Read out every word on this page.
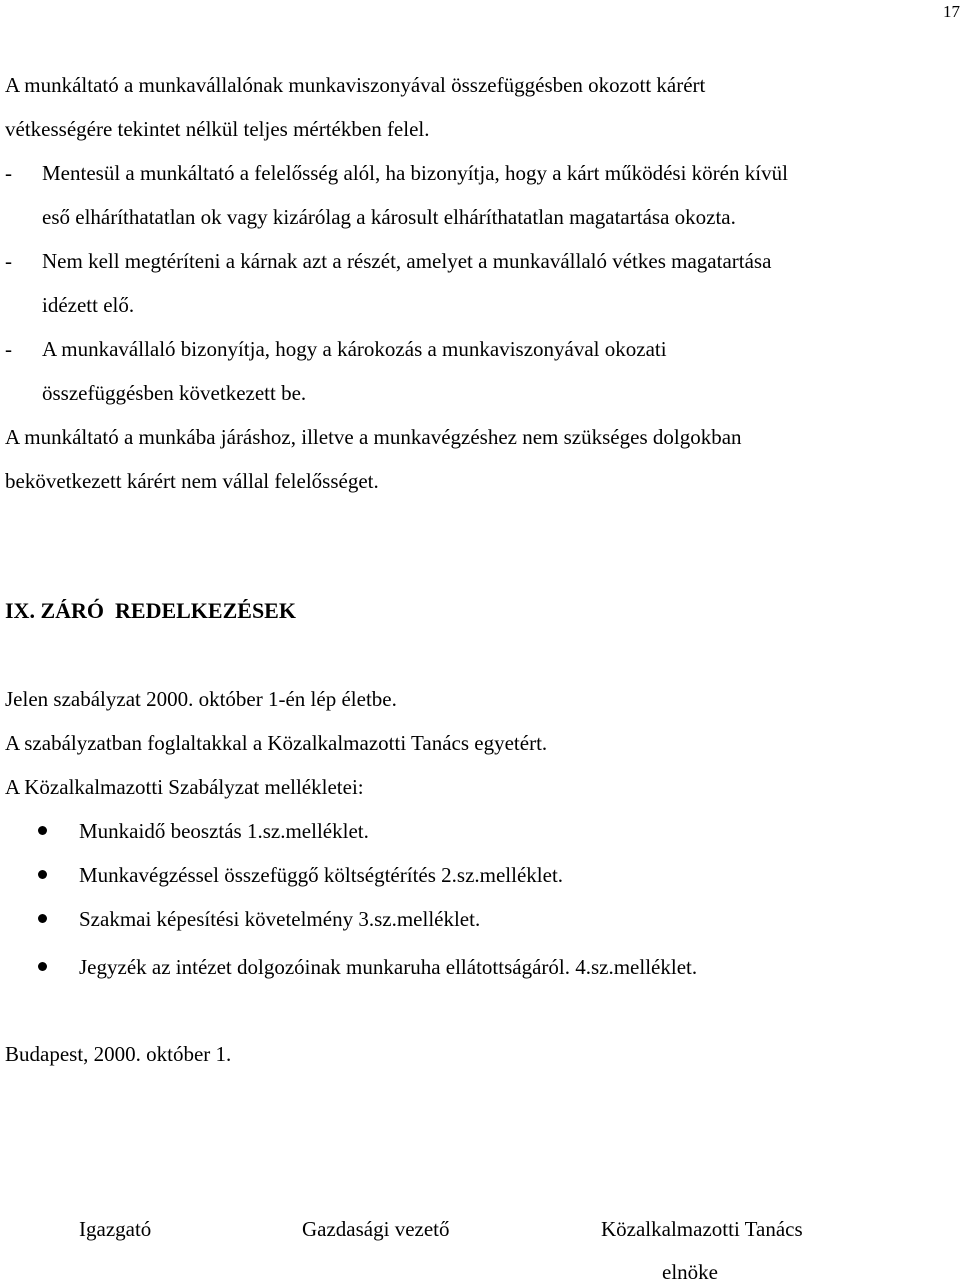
17
A munkáltató a munkavállalónak munkaviszonyával összefüggésben okozott kárért
vétkességére tekintet nélkül teljes mértékben felel.
- Mentesül a munkáltató a felelősség alól, ha bizonyítja, hogy a kárt működési körén kívül
eső elháríthatatlan ok vagy kizárólag a károsult elháríthatatlan magatartása okozta.
- Nem kell megtéríteni a kárnak azt a részét, amelyet a munkavállaló vétkes magatartása
idézett elő.
- A munkavállaló bizonyítja, hogy a károkozás a munkaviszonyával okozati
összefüggésben következett be.
A munkáltató a munkába járáshoz, illetve a munkavégzéshez nem szükséges dolgokban
bekövetkezett kárért nem vállal felelősséget.
IX. ZÁRÓ  REDELKEZÉSEK
Jelen szabályzat 2000. október 1-én lép életbe.
A szabályzatban foglaltakkal a Közalkalmazotti Tanács egyetért.
A Közalkalmazotti Szabályzat mellékletei:
Munkaidő beosztás 1.sz.melléklet.
Munkavégzéssel összefüggő költségtérítés 2.sz.melléklet.
Szakmai képesítési követelmény 3.sz.melléklet.
Jegyzék az intézet dolgozóinak munkaruha ellátottságáról. 4.sz.melléklet.
Budapest, 2000. október 1.
Igazgató	Gazdasági vezető	Közalkalmazotti Tanács
elnöke
